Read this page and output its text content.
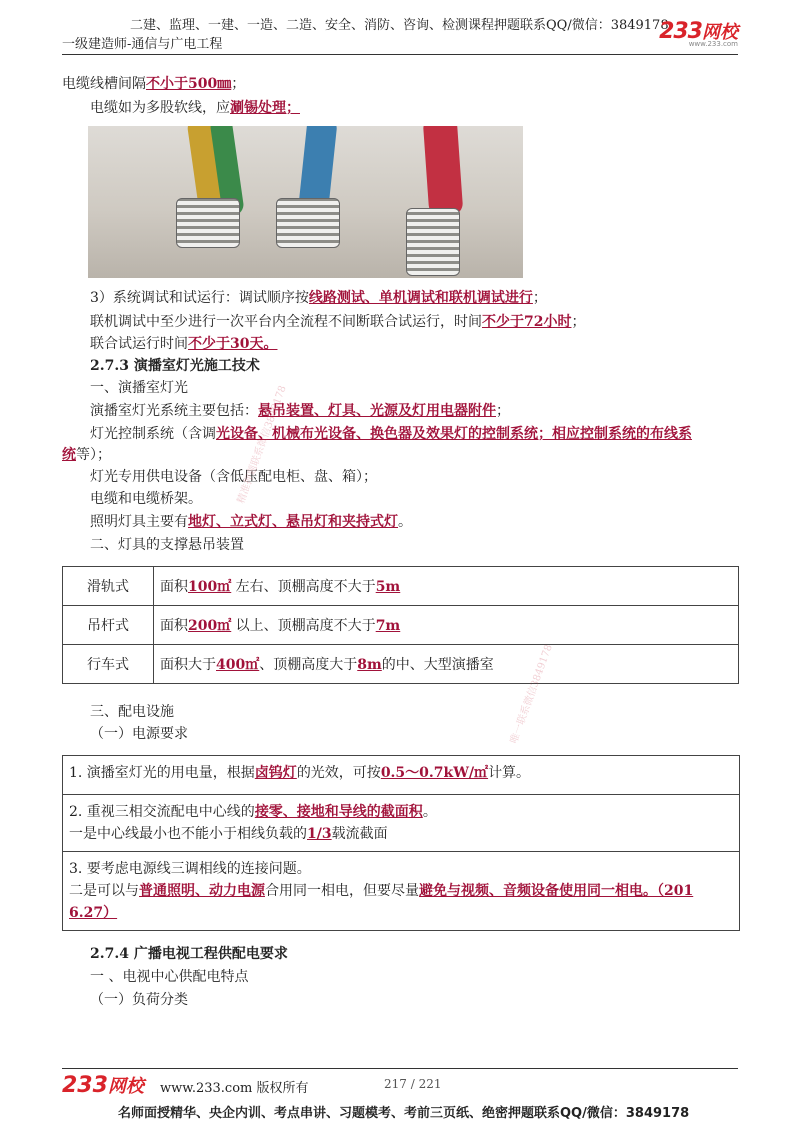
二建、监理、一建、一造、二造、安全、消防、咨询、检测课程押题联系QQ/微信：3849178
一级建造师-通信与广电工程
233网校
www.233.com
电缆线槽间隔不小于500㎜；
电缆如为多股软线，应涮锡处理；
3）系统调试和试运行：调试顺序按线路测试、单机调试和联机调试进行；
联机调试中至少进行一次平台内全流程不间断联合试运行，时间不少于72小时；
联合试运行时间不少于30天。
2.7.3 演播室灯光施工技术
一、演播室灯光
演播室灯光系统主要包括：悬吊装置、灯具、光源及灯用电器附件；
灯光控制系统（含调光设备、机械布光设备、换色器及效果灯的控制系统；相应控制系统的布线系
统等）；
灯光专用供电设备（含低压配电柜、盘、箱）；
电缆和电缆桥架。
照明灯具主要有地灯、立式灯、悬吊灯和夹持式灯。
二、灯具的支撑悬吊装置
滑轨式	面积100㎡ 左右、顶棚高度不大于5m
吊杆式	面积200㎡ 以上、顶棚高度不大于7m
行车式	面积大于400㎡、顶棚高度大于8m的中、大型演播室
三、配电设施
（一）电源要求
1. 演播室灯光的用电量，根据卤钨灯的光效，可按0.5～0.7kW/㎡计算。
2. 重视三相交流配电中心线的接零、接地和导线的截面积。
一是中心线最小也不能小于相线负载的1/3载流截面
3. 要考虑电源线三调相线的连接问题。
二是可以与普通照明、动力电源合用同一相电，但要尽量避免与视频、音频设备使用同一相电。（201
6.27）
2.7.4 广播电视工程供配电要求
一 、电视中心供配电特点
（一）负荷分类
精准押题联系微信3849178
唯一联系微信3849178
233网校 www.233.com 版权所有	217 / 221
名师面授精华、央企内训、考点串讲、习题模考、考前三页纸、绝密押题联系QQ/微信：3849178
